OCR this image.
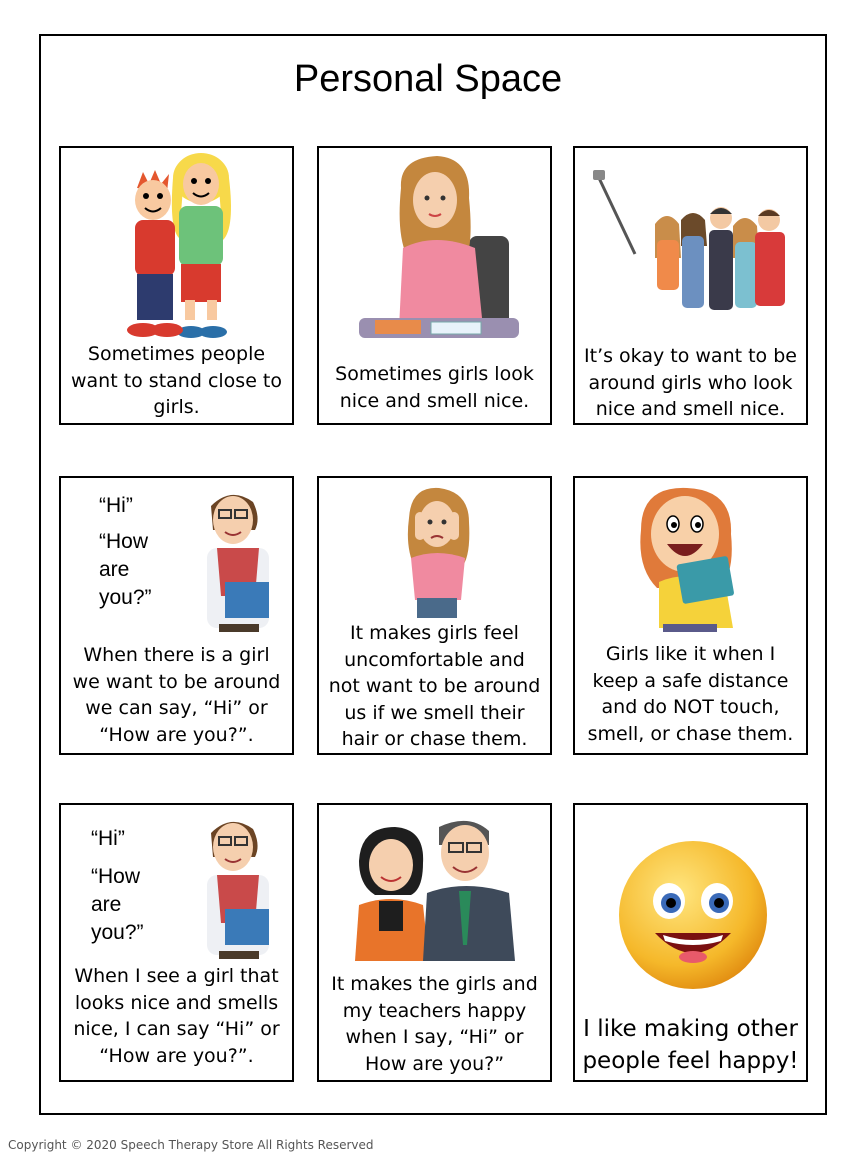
Personal Space
Sometimes people
want to stand close to
girls.
Sometimes girls look
nice and smell nice.
It’s okay to want to be
around girls who look
nice and smell nice.
“Hi”
“How
are
you?”
When there is a girl
we want to be around
we can say, “Hi” or
“How are you?”.
It makes girls feel
uncomfortable and
not want to be around
us if we smell their
hair or chase them.
Girls like it when I
keep a safe distance
and do NOT touch,
smell, or chase them.
“Hi”
“How
are
you?”
When I see a girl that
looks nice and smells
nice, I can say “Hi” or
“How are you?”.
It makes the girls and
my teachers happy
when I say, “Hi” or
How are you?”
I like making other
people feel happy!
Copyright © 2020 Speech Therapy Store All Rights Reserved
